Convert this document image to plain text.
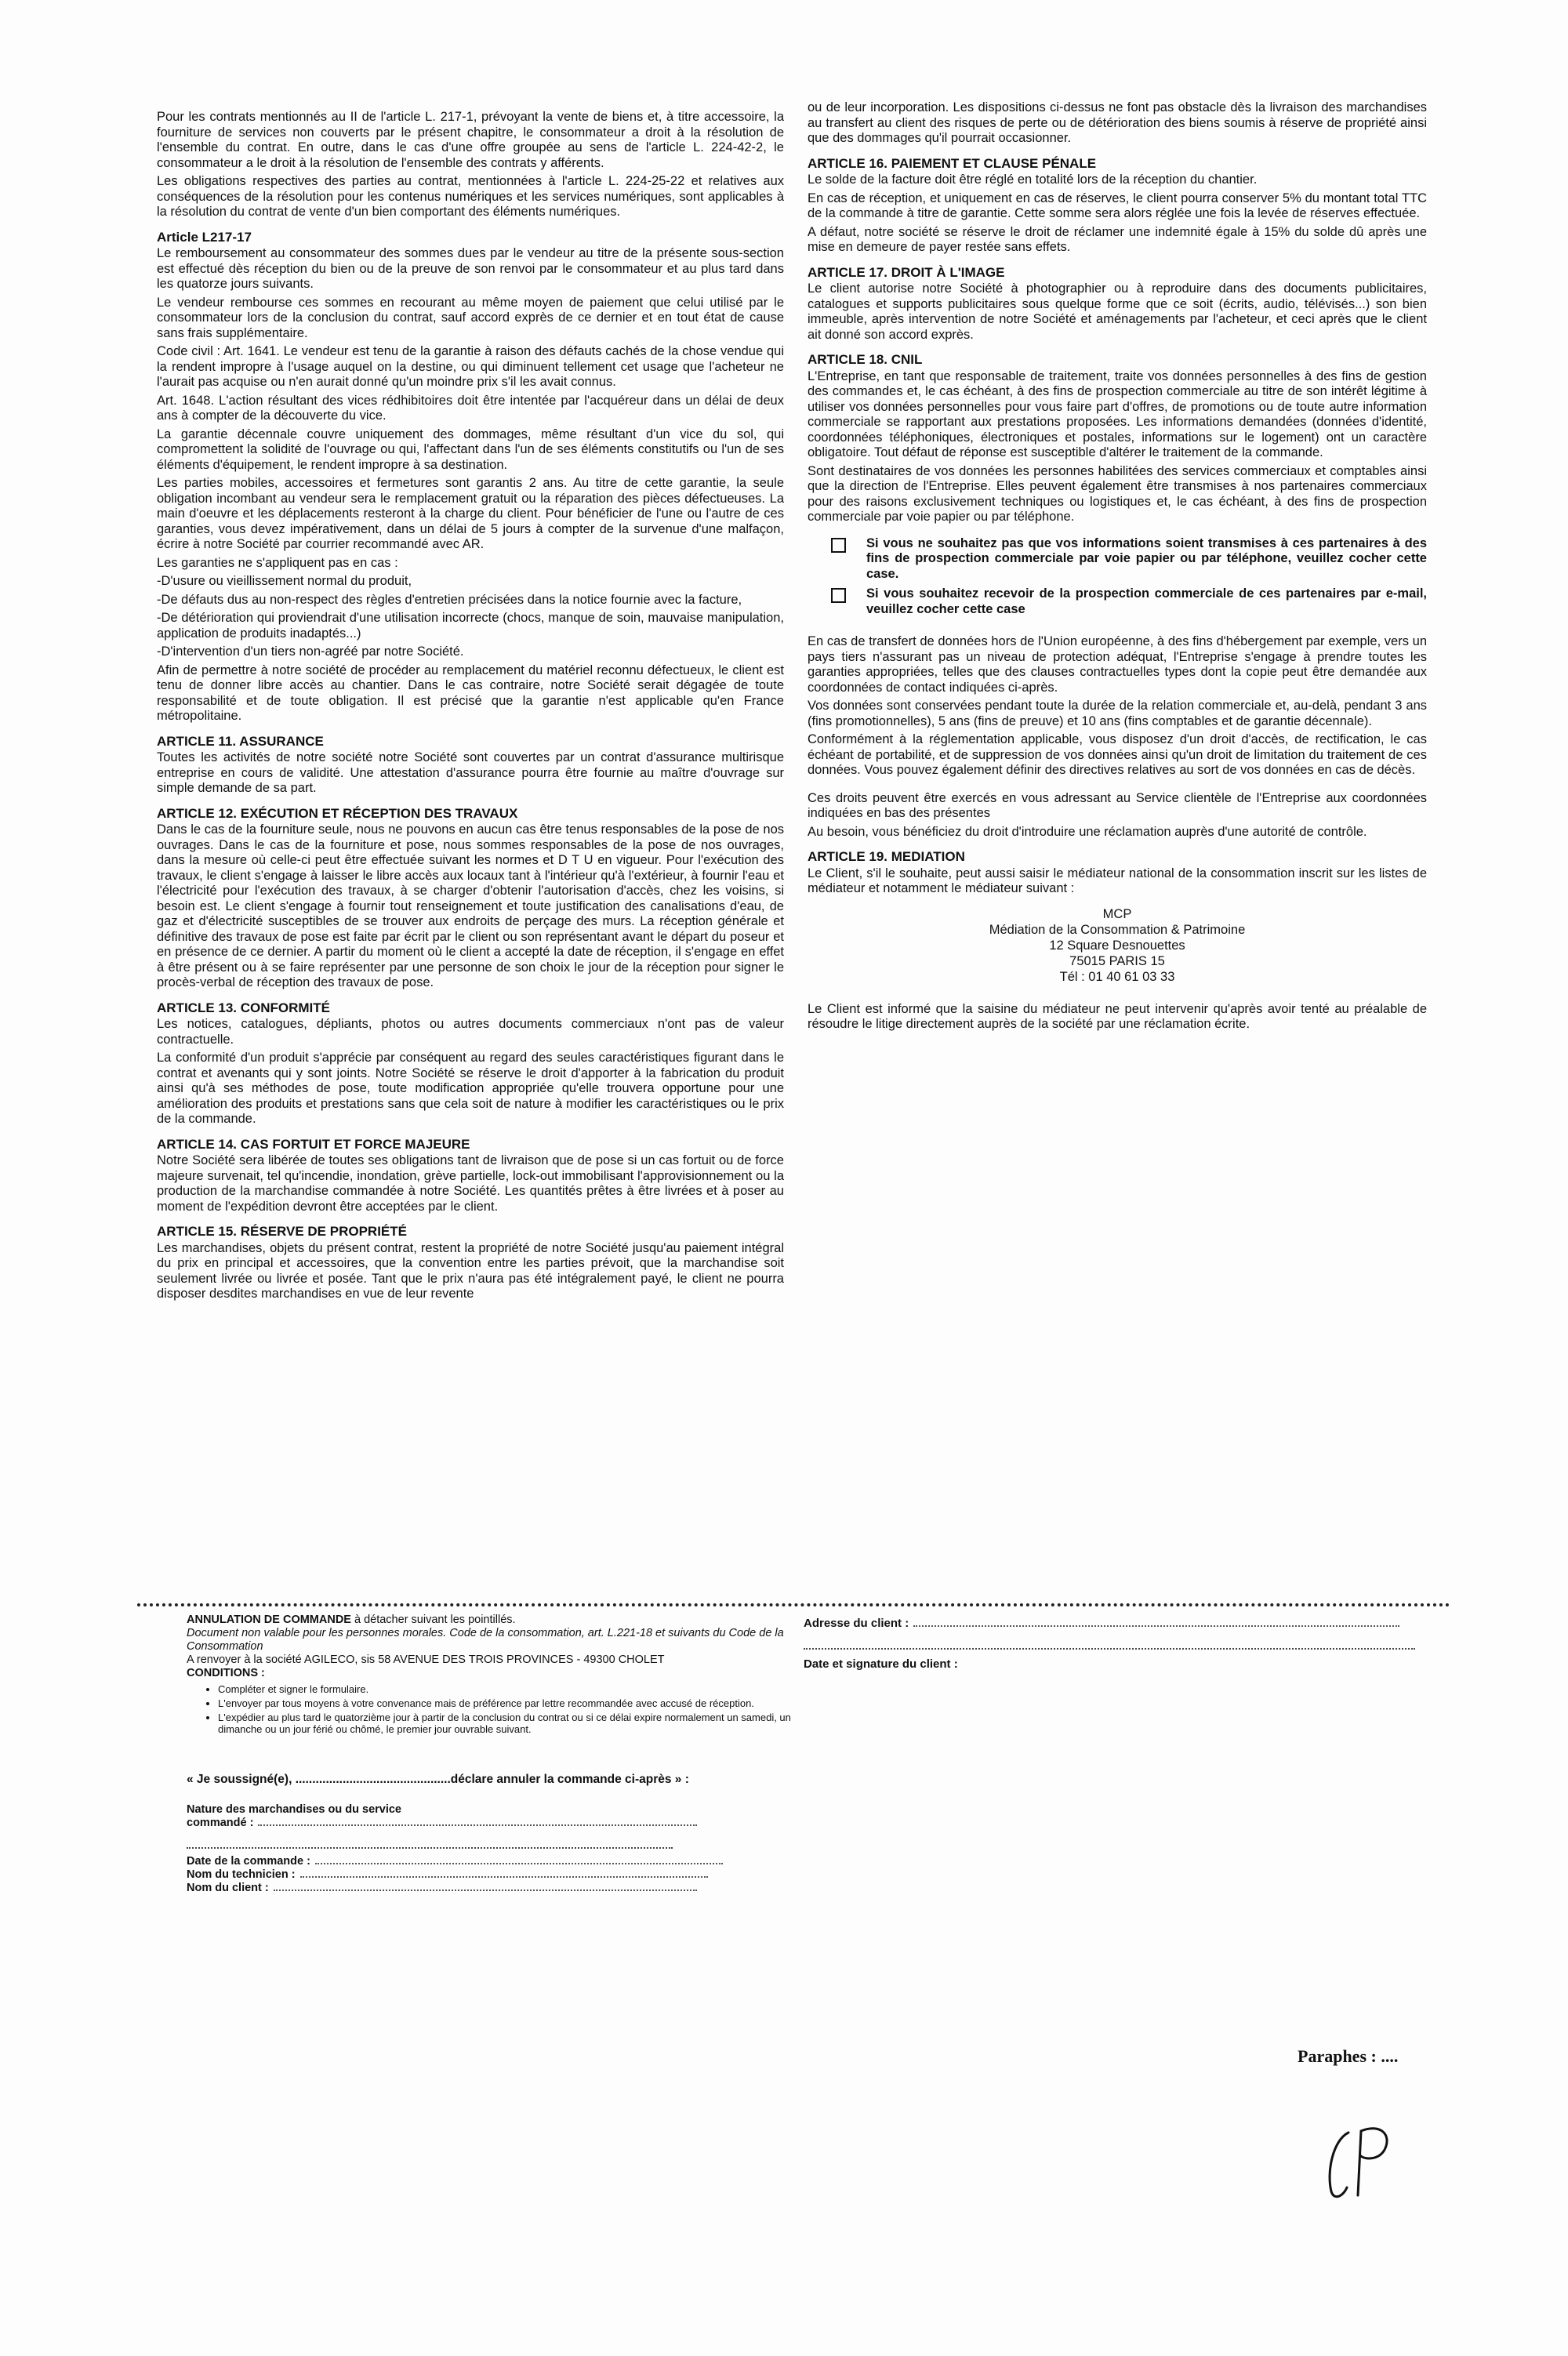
Pour les contrats mentionnés au II de l'article L. 217-1, prévoyant la vente de biens et, à titre accessoire, la fourniture de services non couverts par le présent chapitre, le consommateur a droit à la résolution de l'ensemble du contrat. En outre, dans le cas d'une offre groupée au sens de l'article L. 224-42-2, le consommateur a le droit à la résolution de l'ensemble des contrats y afférents.

Les obligations respectives des parties au contrat, mentionnées à l'article L. 224-25-22 et relatives aux conséquences de la résolution pour les contenus numériques et les services numériques, sont applicables à la résolution du contrat de vente d'un bien comportant des éléments numériques.

Article L217-17

Le remboursement au consommateur des sommes dues par le vendeur au titre de la présente sous-section est effectué dès réception du bien ou de la preuve de son renvoi par le consommateur et au plus tard dans les quatorze jours suivants.

Le vendeur rembourse ces sommes en recourant au même moyen de paiement que celui utilisé par le consommateur lors de la conclusion du contrat, sauf accord exprès de ce dernier et en tout état de cause sans frais supplémentaire.

Code civil : Art. 1641. Le vendeur est tenu de la garantie à raison des défauts cachés de la chose vendue qui la rendent impropre à l'usage auquel on la destine, ou qui diminuent tellement cet usage que l'acheteur ne l'aurait pas acquise ou n'en aurait donné qu'un moindre prix s'il les avait connus.

Art. 1648. L'action résultant des vices rédhibitoires doit être intentée par l'acquéreur dans un délai de deux ans à compter de la découverte du vice.

La garantie décennale couvre uniquement des dommages, même résultant d'un vice du sol, qui compromettent la solidité de l'ouvrage ou qui, l'affectant dans l'un de ses éléments constitutifs ou l'un de ses éléments d'équipement, le rendent impropre à sa destination.

Les parties mobiles, accessoires et fermetures sont garantis 2 ans. Au titre de cette garantie, la seule obligation incombant au vendeur sera le remplacement gratuit ou la réparation des pièces défectueuses. La main d'oeuvre et les déplacements resteront à la charge du client. Pour bénéficier de l'une ou l'autre de ces garanties, vous devez impérativement, dans un délai de 5 jours à compter de la survenue d'une malfaçon, écrire à notre Société par courrier recommandé avec AR.

Les garanties ne s'appliquent pas en cas :

-D'usure ou vieillissement normal du produit,

-De défauts dus au non-respect des règles d'entretien précisées dans la notice fournie avec la facture,

-De détérioration qui proviendrait d'une utilisation incorrecte (chocs, manque de soin, mauvaise manipulation, application de produits inadaptés...)

-D'intervention d'un tiers non-agréé par notre Société.

Afin de permettre à notre société de procéder au remplacement du matériel reconnu défectueux, le client est tenu de donner libre accès au chantier. Dans le cas contraire, notre Société serait dégagée de toute responsabilité et de toute obligation. Il est précisé que la garantie n'est applicable qu'en France métropolitaine.

ARTICLE 11. ASSURANCE

Toutes les activités de notre société notre Société sont couvertes par un contrat d'assurance multirisque entreprise en cours de validité. Une attestation d'assurance pourra être fournie au maître d'ouvrage sur simple demande de sa part.

ARTICLE 12. EXÉCUTION ET RÉCEPTION DES TRAVAUX

Dans le cas de la fourniture seule, nous ne pouvons en aucun cas être tenus responsables de la pose de nos ouvrages. Dans le cas de la fourniture et pose, nous sommes responsables de la pose de nos ouvrages, dans la mesure où celle-ci peut être effectuée suivant les normes et D T U en vigueur. Pour l'exécution des travaux, le client s'engage à laisser le libre accès aux locaux tant à l'intérieur qu'à l'extérieur, à fournir l'eau et l'électricité pour l'exécution des travaux, à se charger d'obtenir l'autorisation d'accès, chez les voisins, si besoin est. Le client s'engage à fournir tout renseignement et toute justification des canalisations d'eau, de gaz et d'électricité susceptibles de se trouver aux endroits de perçage des murs. La réception générale et définitive des travaux de pose est faite par écrit par le client ou son représentant avant le départ du poseur et en présence de ce dernier. A partir du moment où le client a accepté la date de réception, il s'engage en effet à être présent ou à se faire représenter par une personne de son choix le jour de la réception pour signer le procès-verbal de réception des travaux de pose.

ARTICLE 13. CONFORMITÉ

Les notices, catalogues, dépliants, photos ou autres documents commerciaux n'ont pas de valeur contractuelle.

La conformité d'un produit s'apprécie par conséquent au regard des seules caractéristiques figurant dans le contrat et avenants qui y sont joints. Notre Société se réserve le droit d'apporter à la fabrication du produit ainsi qu'à ses méthodes de pose, toute modification appropriée qu'elle trouvera opportune pour une amélioration des produits et prestations sans que cela soit de nature à modifier les caractéristiques ou le prix de la commande.

ARTICLE 14. CAS FORTUIT ET FORCE MAJEURE

Notre Société sera libérée de toutes ses obligations tant de livraison que de pose si un cas fortuit ou de force majeure survenait, tel qu'incendie, inondation, grève partielle, lock-out immobilisant l'approvisionnement ou la production de la marchandise commandée à notre Société. Les quantités prêtes à être livrées et à poser au moment de l'expédition devront être acceptées par le client.

ARTICLE 15. RÉSERVE DE PROPRIÉTÉ

Les marchandises, objets du présent contrat, restent la propriété de notre Société jusqu'au paiement intégral du prix en principal et accessoires, que la convention entre les parties prévoit, que la marchandise soit seulement livrée ou livrée et posée. Tant que le prix n'aura pas été intégralement payé, le client ne pourra disposer desdites marchandises en vue de leur revente

ou de leur incorporation. Les dispositions ci-dessus ne font pas obstacle dès la livraison des marchandises au transfert au client des risques de perte ou de détérioration des biens soumis à réserve de propriété ainsi que des dommages qu'il pourrait occasionner.

ARTICLE 16. PAIEMENT ET CLAUSE PÉNALE

Le solde de la facture doit être réglé en totalité lors de la réception du chantier.

En cas de réception, et uniquement en cas de réserves, le client pourra conserver 5% du montant total TTC de la commande à titre de garantie. Cette somme sera alors réglée une fois la levée de réserves effectuée.

A défaut, notre société se réserve le droit de réclamer une indemnité égale à 15% du solde dû après une mise en demeure de payer restée sans effets.

ARTICLE 17. DROIT À L'IMAGE

Le client autorise notre Société à photographier ou à reproduire dans des documents publicitaires, catalogues et supports publicitaires sous quelque forme que ce soit (écrits, audio, télévisés...) son bien immeuble, après intervention de notre Société et aménagements par l'acheteur, et ceci après que le client ait donné son accord exprès.

ARTICLE 18. CNIL

L'Entreprise, en tant que responsable de traitement, traite vos données personnelles à des fins de gestion des commandes et, le cas échéant, à des fins de prospection commerciale au titre de son intérêt légitime à utiliser vos données personnelles pour vous faire part d'offres, de promotions ou de toute autre information commerciale se rapportant aux prestations proposées. Les informations demandées (données d'identité, coordonnées téléphoniques, électroniques et postales, informations sur le logement) ont un caractère obligatoire. Tout défaut de réponse est susceptible d'altérer le traitement de la commande.

Sont destinataires de vos données les personnes habilitées des services commerciaux et comptables ainsi que la direction de l'Entreprise. Elles peuvent également être transmises à nos partenaires commerciaux pour des raisons exclusivement techniques ou logistiques et, le cas échéant, à des fins de prospection commerciale par voie papier ou par téléphone.

Si vous ne souhaitez pas que vos informations soient transmises à ces partenaires à des fins de prospection commerciale par voie papier ou par téléphone, veuillez cocher cette case.
Si vous souhaitez recevoir de la prospection commerciale de ces partenaires par e-mail, veuillez cocher cette case

En cas de transfert de données hors de l'Union européenne, à des fins d'hébergement par exemple, vers un pays tiers n'assurant pas un niveau de protection adéquat, l'Entreprise s'engage à prendre toutes les garanties appropriées, telles que des clauses contractuelles types dont la copie peut être demandée aux coordonnées de contact indiquées ci-après.

Vos données sont conservées pendant toute la durée de la relation commerciale et, au-delà, pendant 3 ans (fins promotionnelles), 5 ans (fins de preuve) et 10 ans (fins comptables et de garantie décennale).

Conformément à la réglementation applicable, vous disposez d'un droit d'accès, de rectification, le cas échéant de portabilité, et de suppression de vos données ainsi qu'un droit de limitation du traitement de ces données. Vous pouvez également définir des directives relatives au sort de vos données en cas de décès.

Ces droits peuvent être exercés en vous adressant au Service clientèle de l'Entreprise aux coordonnées indiquées en bas des présentes

Au besoin, vous bénéficiez du droit d'introduire une réclamation auprès d'une autorité de contrôle.

ARTICLE 19. MEDIATION

Le Client, s'il le souhaite, peut aussi saisir le médiateur national de la consommation inscrit sur les listes de médiateur et notamment le médiateur suivant :

MCP
Médiation de la Consommation & Patrimoine
12 Square Desnouettes
75015 PARIS 15
Tél : 01 40 61 03 33

Le Client est informé que la saisine du médiateur ne peut intervenir qu'après avoir tenté au préalable de résoudre le litige directement auprès de la société par une réclamation écrite.

ANNULATION DE COMMANDE à détacher suivant les pointillés.

Document non valable pour les personnes morales. Code de la consommation, art. L.221-18 et suivants du Code de la Consommation

A renvoyer à la société AGILECO, sis 58 AVENUE DES TROIS PROVINCES - 49300 CHOLET

CONDITIONS :

• Compléter et signer le formulaire.
• L'envoyer par tous moyens à votre convenance mais de préférence par lettre recommandée avec accusé de réception.
• L'expédier au plus tard le quatorzième jour à partir de la conclusion du contrat ou si ce délai expire normalement un samedi, un dimanche ou un jour férié ou chômé, le premier jour ouvrable suivant.

« Je soussigné(e), ..............................................déclare annuler la commande ci-après » :

Nature des marchandises ou du service

commandé :

Date de la commande :

Nom du technicien :

Nom du client :

Adresse du client :

Date et signature du client :

Paraphes : ....
